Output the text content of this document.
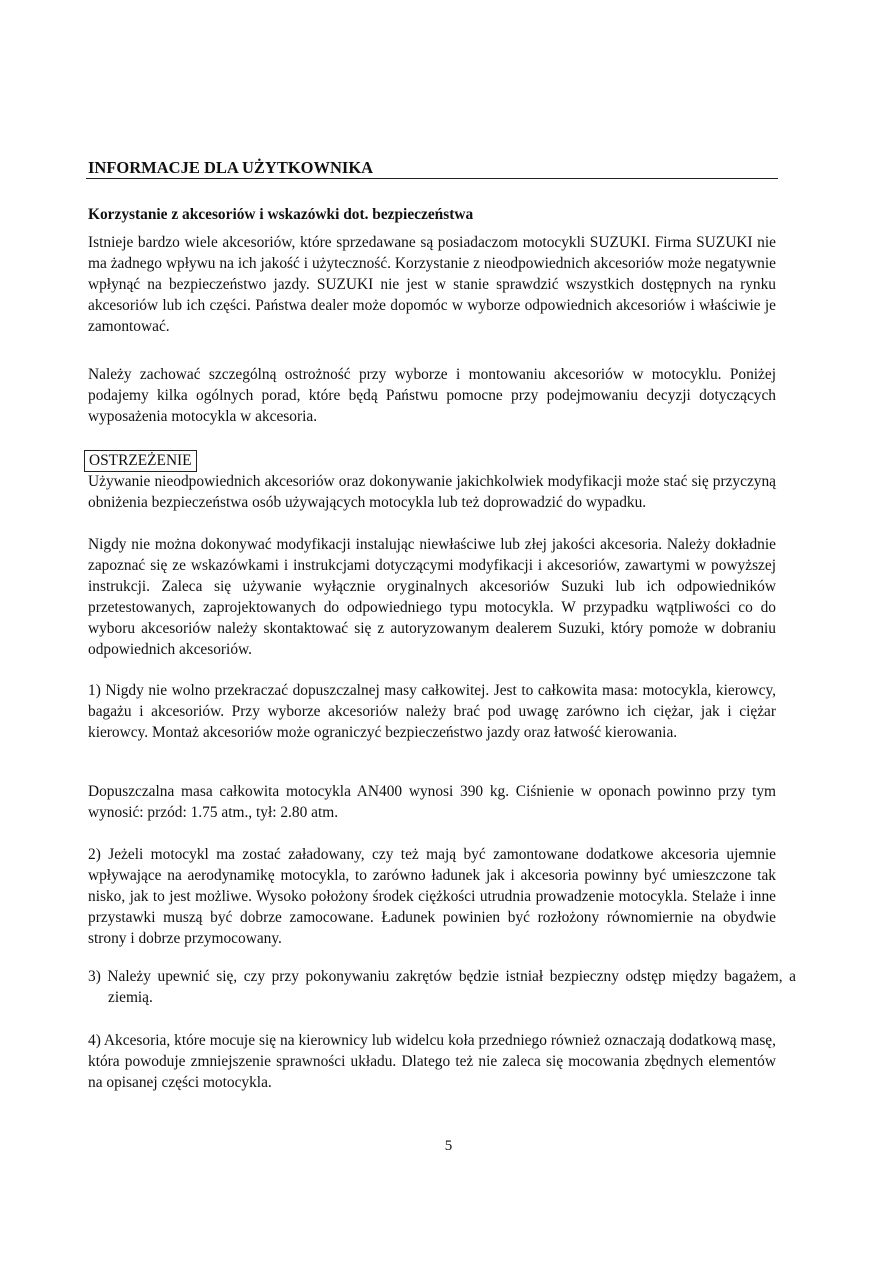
INFORMACJE DLA UŻYTKOWNIKA
Korzystanie z akcesoriów i wskazówki dot. bezpieczeństwa

Istnieje bardzo wiele akcesoriów, które sprzedawane są posiadaczom motocykli SUZUKI. Firma SUZUKI nie ma żadnego wpływu na ich jakość i użyteczność. Korzystanie z nieodpowiednich akcesoriów może negatywnie wpłynąć na bezpieczeństwo jazdy. SUZUKI nie jest w stanie sprawdzić wszystkich dostępnych na rynku akcesoriów lub ich części. Państwa dealer może dopomóc w wyborze odpowiednich akcesoriów i właściwie je zamontować.

Należy zachować szczególną ostrożność przy wyborze i montowaniu akcesoriów w motocyklu. Poniżej podajemy kilka ogólnych porad, które będą Państwu pomocne przy podejmowaniu decyzji dotyczących wyposażenia motocykla w akcesoria.

OSTRZEŻENIE

Używanie nieodpowiednich akcesoriów oraz dokonywanie jakichkolwiek modyfikacji może stać się przyczyną obniżenia bezpieczeństwa osób używających motocykla lub też doprowadzić do wypadku.

Nigdy nie można dokonywać modyfikacji instalując niewłaściwe lub złej jakości akcesoria. Należy dokładnie zapoznać się ze wskazówkami i instrukcjami dotyczącymi modyfikacji i akcesoriów, zawartymi w powyższej instrukcji. Zaleca się używanie wyłącznie oryginalnych akcesoriów Suzuki lub ich odpowiedników przetestowanych, zaprojektowanych do odpowiedniego typu motocykla. W przypadku wątpliwości co do wyboru akcesoriów należy skontaktować się z autoryzowanym dealerem Suzuki, który pomoże w dobraniu odpowiednich akcesoriów.

1) Nigdy nie wolno przekraczać dopuszczalnej masy całkowitej. Jest to całkowita masa: motocykla, kierowcy, bagażu i akcesoriów. Przy wyborze akcesoriów należy brać pod uwagę zarówno ich ciężar, jak i ciężar kierowcy. Montaż akcesoriów może ograniczyć bezpieczeństwo jazdy oraz łatwość kierowania.

Dopuszczalna masa całkowita motocykla AN400 wynosi 390 kg. Ciśnienie w oponach powinno przy tym wynosić: przód: 1.75 atm., tył: 2.80 atm.

2) Jeżeli motocykl ma zostać załadowany, czy też mają być zamontowane dodatkowe akcesoria ujemnie wpływające na aerodynamikę motocykla, to zarówno ładunek jak i akcesoria powinny być umieszczone tak nisko, jak to jest możliwe. Wysoko położony środek ciężkości utrudnia prowadzenie motocykla. Stelaże i inne przystawki muszą być dobrze zamocowane. Ładunek powinien być rozłożony równomiernie na obydwie strony i dobrze przymocowany.

3) Należy upewnić się, czy przy pokonywaniu zakrętów będzie istniał bezpieczny odstęp między bagażem, a ziemią.

4) Akcesoria, które mocuje się na kierownicy lub widelcu koła przedniego również oznaczają dodatkową masę, która powoduje zmniejszenie sprawności układu. Dlatego też nie zaleca się mocowania zbędnych elementów na opisanej części motocykla.

5
